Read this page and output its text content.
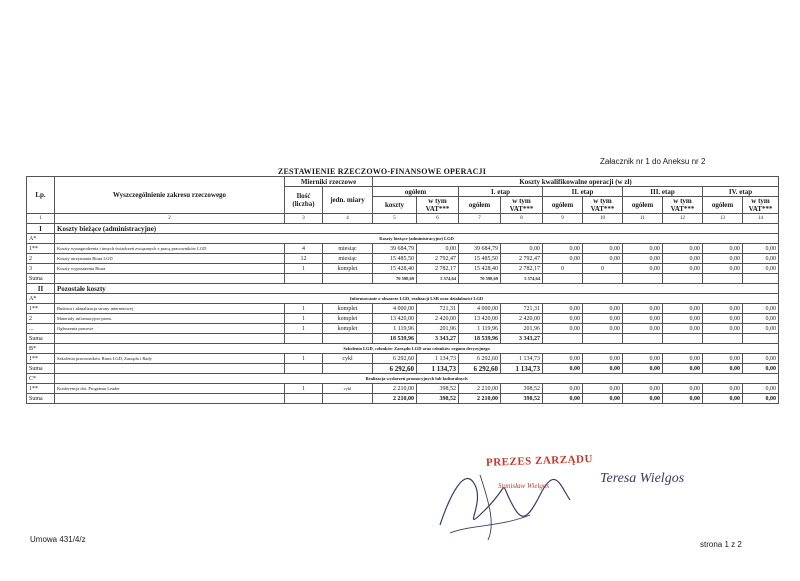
Załacznik nr 1 do Aneksu nr 2
ZESTAWIENIE RZECZOWO-FINANSOWE OPERACJI
Lp.	Wyszczególnienie zakresu rzeczowego	Mierniki rzeczowe		Koszty kwalifikowalne operacji (w zł)									
		Ilość (liczba)	jedn. miary	ogółem		I. etap		II. etap		III. etap		IV. etap	
				koszty	w tym VAT***	ogółem	w tym VAT***	ogółem	w tym VAT***	ogółem	w tym VAT***	ogółem	w tym VAT***
1	2	3	4	5	6	7	8	9	10	11	12	13	14
I	Koszty bieżące (administracyjne)												
A*	Koszty bieżące (administracyjne) LGD												
1**	Koszty wynagrodzenia i innych świadczeń związanych z pracą pracowników LGD	4	miesiąc	39 684,79	0,00	39 684,79	0,00	0,00	0,00	0,00	0,00	0,00	0,00
2	Koszty utrzymania Biura LGD	12	miesiąc	15 485,50	2 792,47	15 485,50	2 792,47	0,00	0,00	0,00	0,00	0,00	0,00
3	Koszty wyposażenia Biura	1	komplet	15 428,40	2 782,17	15 428,40	2 782,17	0	0	0,00	0,00	0,00	0,00
Suma				70 598,69	5 574,64	70 598,69	5 574,64						
II	Pozostałe koszty												
A*	Informowanie o obszarze LGD, realizacji LSR oraz działalności LGD												
1**	Budowa i aktualizacja strony internetowej	1	komplet	4 000,00	721,31	4 000,00	721,31	0,00	0,00	0,00	0,00	0,00	0,00
2	Materiały informacyjno-prom.	1	komplet	13 420,00	2 420,00	13 420,00	2 420,00	0,00	0,00	0,00	0,00	0,00	0,00
...	Ogłoszenia prasowe	1	komplet	1 119,96	201,96	1 119,96	201,96	0,00	0,00	0,00	0,00	0,00	0,00
Suma				18 539,96	3 343,27	18 539,96	3 343,27						
B*	Szkolenia LGD, członków Zarządu LGD oraz członków organu decyzyjnego												
1**	Szkolenia pracowników Biura LGD, Zarządu i Rady	1	cykl	6 292,60	1 134,73	6 292,60	1 134,73	0,00	0,00	0,00	0,00	0,00	0,00
Suma				6 292,60	1 134,73	6 292,60	1 134,73	0,00	0,00	0,00	0,00	0,00	0,00
C*	Realizacja wydarzeń promocyjnych lub kulturalnych												
1**	Konferencja dot. Programu Leader	1	cykl	2 210,00	398,52	2 210,00	398,52	0,00	0,00	0,00	0,00	0,00	0,00
Suma				2 210,00	398,52	2 210,00	398,52	0,00	0,00	0,00	0,00	0,00	0,00
PREZES ZARZĄDU
Stanisław Wielgos	Teresa Wielgos
Umowa 431/4/z
strona 1 z 2
